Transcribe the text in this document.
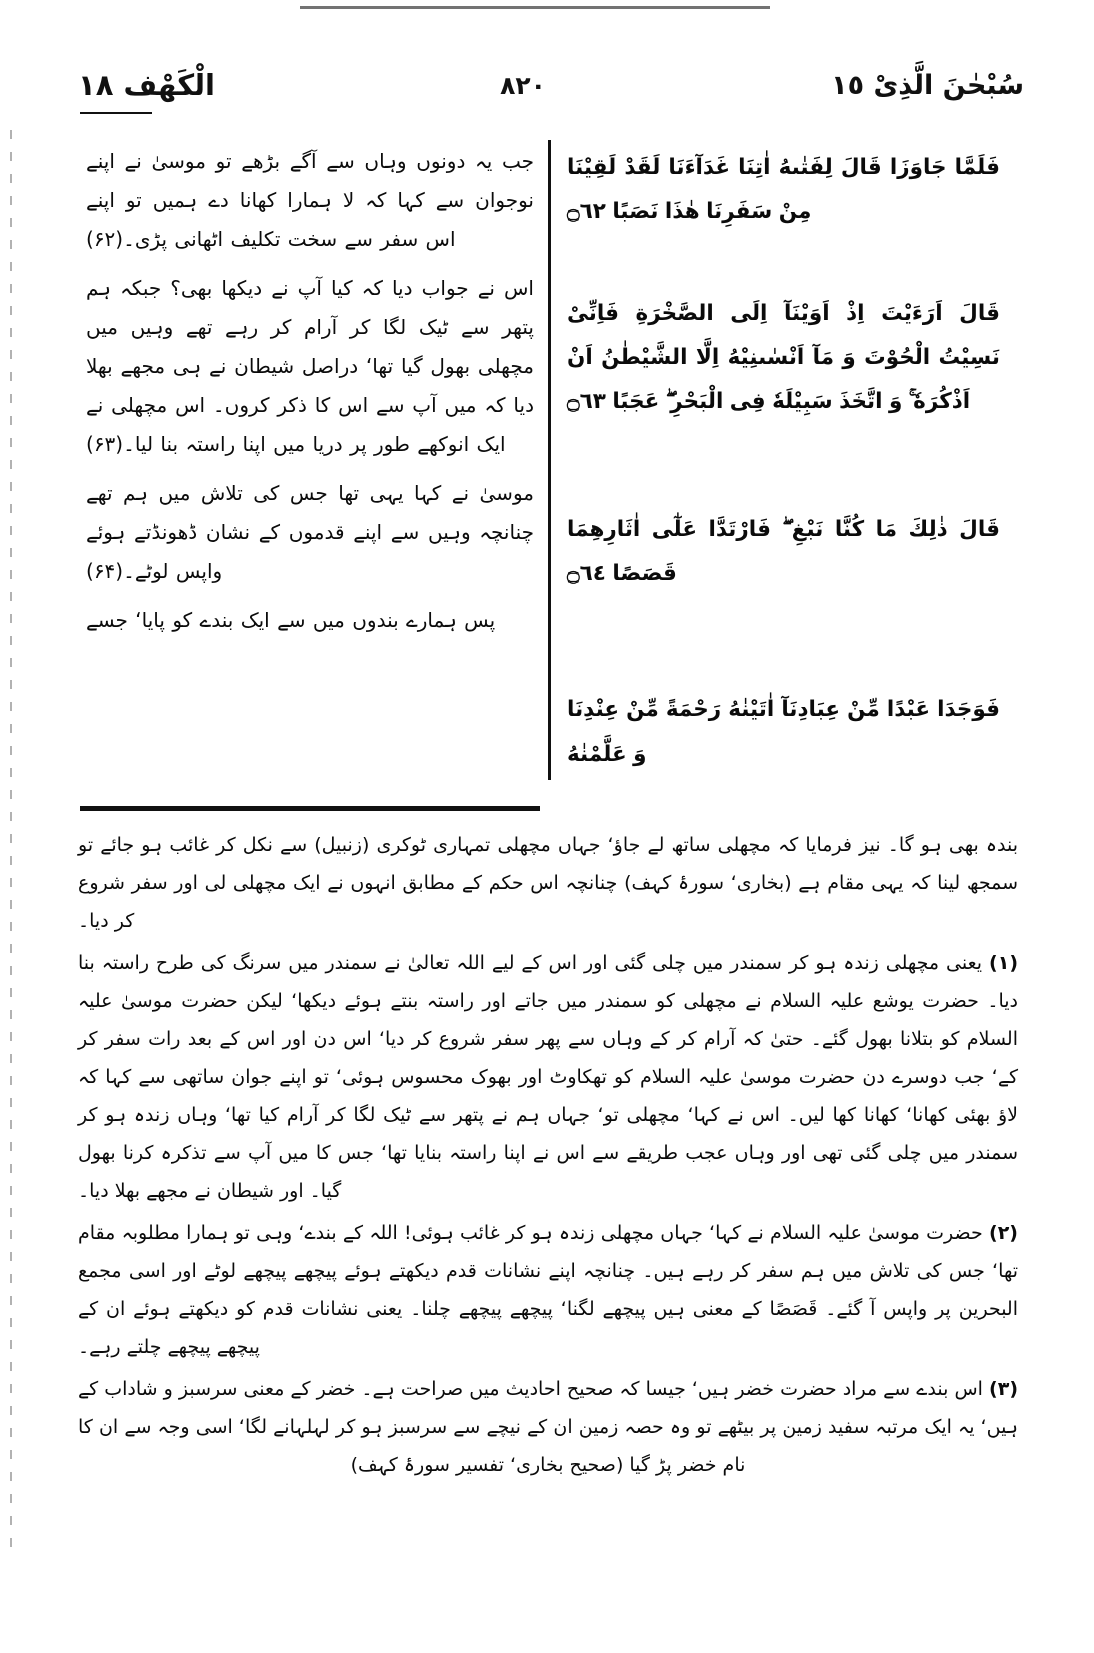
سُبْحٰنَ الَّذِىْ ١٥
٨٢٠
الْكَهْف ١٨

فَلَمَّا جَاوَزَا قَالَ لِفَتٰىهُ اٰتِنَا غَدَآءَنَا لَقَدْ لَقِيْنَا مِنْ سَفَرِنَا هٰذَا نَصَبًا ۝٦٢

قَالَ اَرَءَيْتَ اِذْ اَوَيْنَآ اِلَى الصَّخْرَةِ فَاِنِّىْ نَسِيْتُ الْحُوْتَ وَ مَآ اَنْسٰىنِيْهُ اِلَّا الشَّيْطٰنُ اَنْ اَذْكُرَهٗ ۚ وَ اتَّخَذَ سَبِيْلَهٗ فِى الْبَحْرِ ۖ عَجَبًا ۝٦٣

قَالَ ذٰلِكَ مَا كُنَّا نَبْغِ ۖ فَارْتَدَّا عَلٰٓى اٰثَارِهِمَا قَصَصًا ۝٦٤

فَوَجَدَا عَبْدًا مِّنْ عِبَادِنَآ اٰتَيْنٰهُ رَحْمَةً مِّنْ عِنْدِنَا وَ عَلَّمْنٰهُ

جب یہ دونوں وہاں سے آگے بڑھے تو موسیٰ نے اپنے نوجوان سے کہا کہ لا ہمارا کھانا دے ہمیں تو اپنے اس سفر سے سخت تکلیف اٹھانی پڑی۔(۶۲)

اس نے جواب دیا کہ کیا آپ نے دیکھا بھی؟ جبکہ ہم پتھر سے ٹیک لگا کر آرام کر رہے تھے وہیں میں مچھلی بھول گیا تھا‘ دراصل شیطان نے ہی مجھے بھلا دیا کہ میں آپ سے اس کا ذکر کروں۔ اس مچھلی نے ایک انوکھے طور پر دریا میں اپنا راستہ بنا لیا۔(۶۳)

موسیٰ نے کہا یہی تھا جس کی تلاش میں ہم تھے چنانچہ وہیں سے اپنے قدموں کے نشان ڈھونڈتے ہوئے واپس لوٹے۔(۶۴)

پس ہمارے بندوں میں سے ایک بندے کو پایا‘ جسے

بندہ بھی ہو گا۔ نیز فرمایا کہ مچھلی ساتھ لے جاؤ‘ جہاں مچھلی تمہاری ٹوکری (زنبیل) سے نکل کر غائب ہو جائے تو سمجھ لینا کہ یہی مقام ہے (بخاری‘ سورۂ کہف) چنانچہ اس حکم کے مطابق انہوں نے ایک مچھلی لی اور سفر شروع کر دیا۔

(۱) یعنی مچھلی زندہ ہو کر سمندر میں چلی گئی اور اس کے لیے اللہ تعالیٰ نے سمندر میں سرنگ کی طرح راستہ بنا دیا۔ حضرت یوشع علیہ السلام نے مچھلی کو سمندر میں جاتے اور راستہ بنتے ہوئے دیکھا‘ لیکن حضرت موسیٰ علیہ السلام کو بتلانا بھول گئے۔ حتیٰ کہ آرام کر کے وہاں سے پھر سفر شروع کر دیا‘ اس دن اور اس کے بعد رات سفر کر کے‘ جب دوسرے دن حضرت موسیٰ علیہ السلام کو تھکاوٹ اور بھوک محسوس ہوئی‘ تو اپنے جوان ساتھی سے کہا کہ لاؤ بھئی کھانا‘ کھانا کھا لیں۔ اس نے کہا‘ مچھلی تو‘ جہاں ہم نے پتھر سے ٹیک لگا کر آرام کیا تھا‘ وہاں زندہ ہو کر سمندر میں چلی گئی تھی اور وہاں عجب طریقے سے اس نے اپنا راستہ بنایا تھا‘ جس کا میں آپ سے تذکرہ کرنا بھول گیا۔ اور شیطان نے مجھے بھلا دیا۔

(۲) حضرت موسیٰ علیہ السلام نے کہا‘ جہاں مچھلی زندہ ہو کر غائب ہوئی! اللہ کے بندے‘ وہی تو ہمارا مطلوبہ مقام تھا‘ جس کی تلاش میں ہم سفر کر رہے ہیں۔ چنانچہ اپنے نشانات قدم دیکھتے ہوئے پیچھے پیچھے لوٹے اور اسی مجمع البحرین پر واپس آ گئے۔ قَصَصًا کے معنی ہیں پیچھے لگنا‘ پیچھے پیچھے چلنا۔ یعنی نشانات قدم کو دیکھتے ہوئے ان کے پیچھے پیچھے چلتے رہے۔

(۳) اس بندے سے مراد حضرت خضر ہیں‘ جیسا کہ صحیح احادیث میں صراحت ہے۔ خضر کے معنی سرسبز و شاداب کے ہیں‘ یہ ایک مرتبہ سفید زمین پر بیٹھے تو وہ حصہ زمین ان کے نیچے سے سرسبز ہو کر لہلہانے لگا‘ اسی وجہ سے ان کا نام خضر پڑ گیا (صحیح بخاری‘ تفسیر سورۂ کہف)
